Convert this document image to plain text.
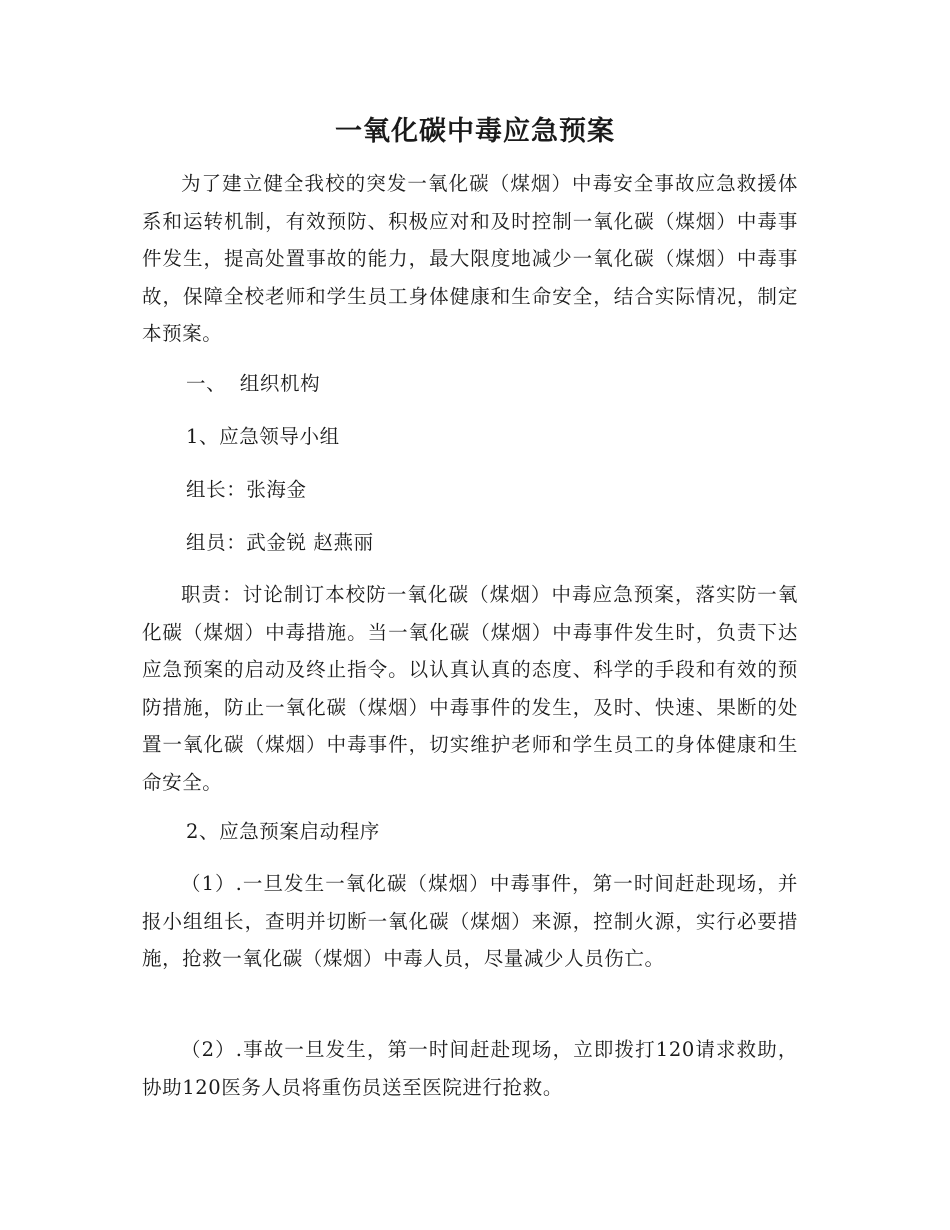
一氧化碳中毒应急预案

为了建立健全我校的突发一氧化碳（煤烟）中毒安全事故应急救援体系和运转机制，有效预防、积极应对和及时控制一氧化碳（煤烟）中毒事件发生，提高处置事故的能力，最大限度地减少一氧化碳（煤烟）中毒事故，保障全校老师和学生员工身体健康和生命安全，结合实际情况，制定本预案。

一、  组织机构

1、应急领导小组

组长：张海金

组员：武金锐 赵燕丽

职责：讨论制订本校防一氧化碳（煤烟）中毒应急预案，落实防一氧化碳（煤烟）中毒措施。当一氧化碳（煤烟）中毒事件发生时，负责下达应急预案的启动及终止指令。以认真认真的态度、科学的手段和有效的预防措施，防止一氧化碳（煤烟）中毒事件的发生，及时、快速、果断的处置一氧化碳（煤烟）中毒事件，切实维护老师和学生员工的身体健康和生命安全。

2、应急预案启动程序

（1）.一旦发生一氧化碳（煤烟）中毒事件，第一时间赶赴现场，并报小组组长，查明并切断一氧化碳（煤烟）来源，控制火源，实行必要措施，抢救一氧化碳（煤烟）中毒人员，尽量减少人员伤亡。

（2）.事故一旦发生，第一时间赶赴现场，立即拨打120请求救助，协助120医务人员将重伤员送至医院进行抢救。
